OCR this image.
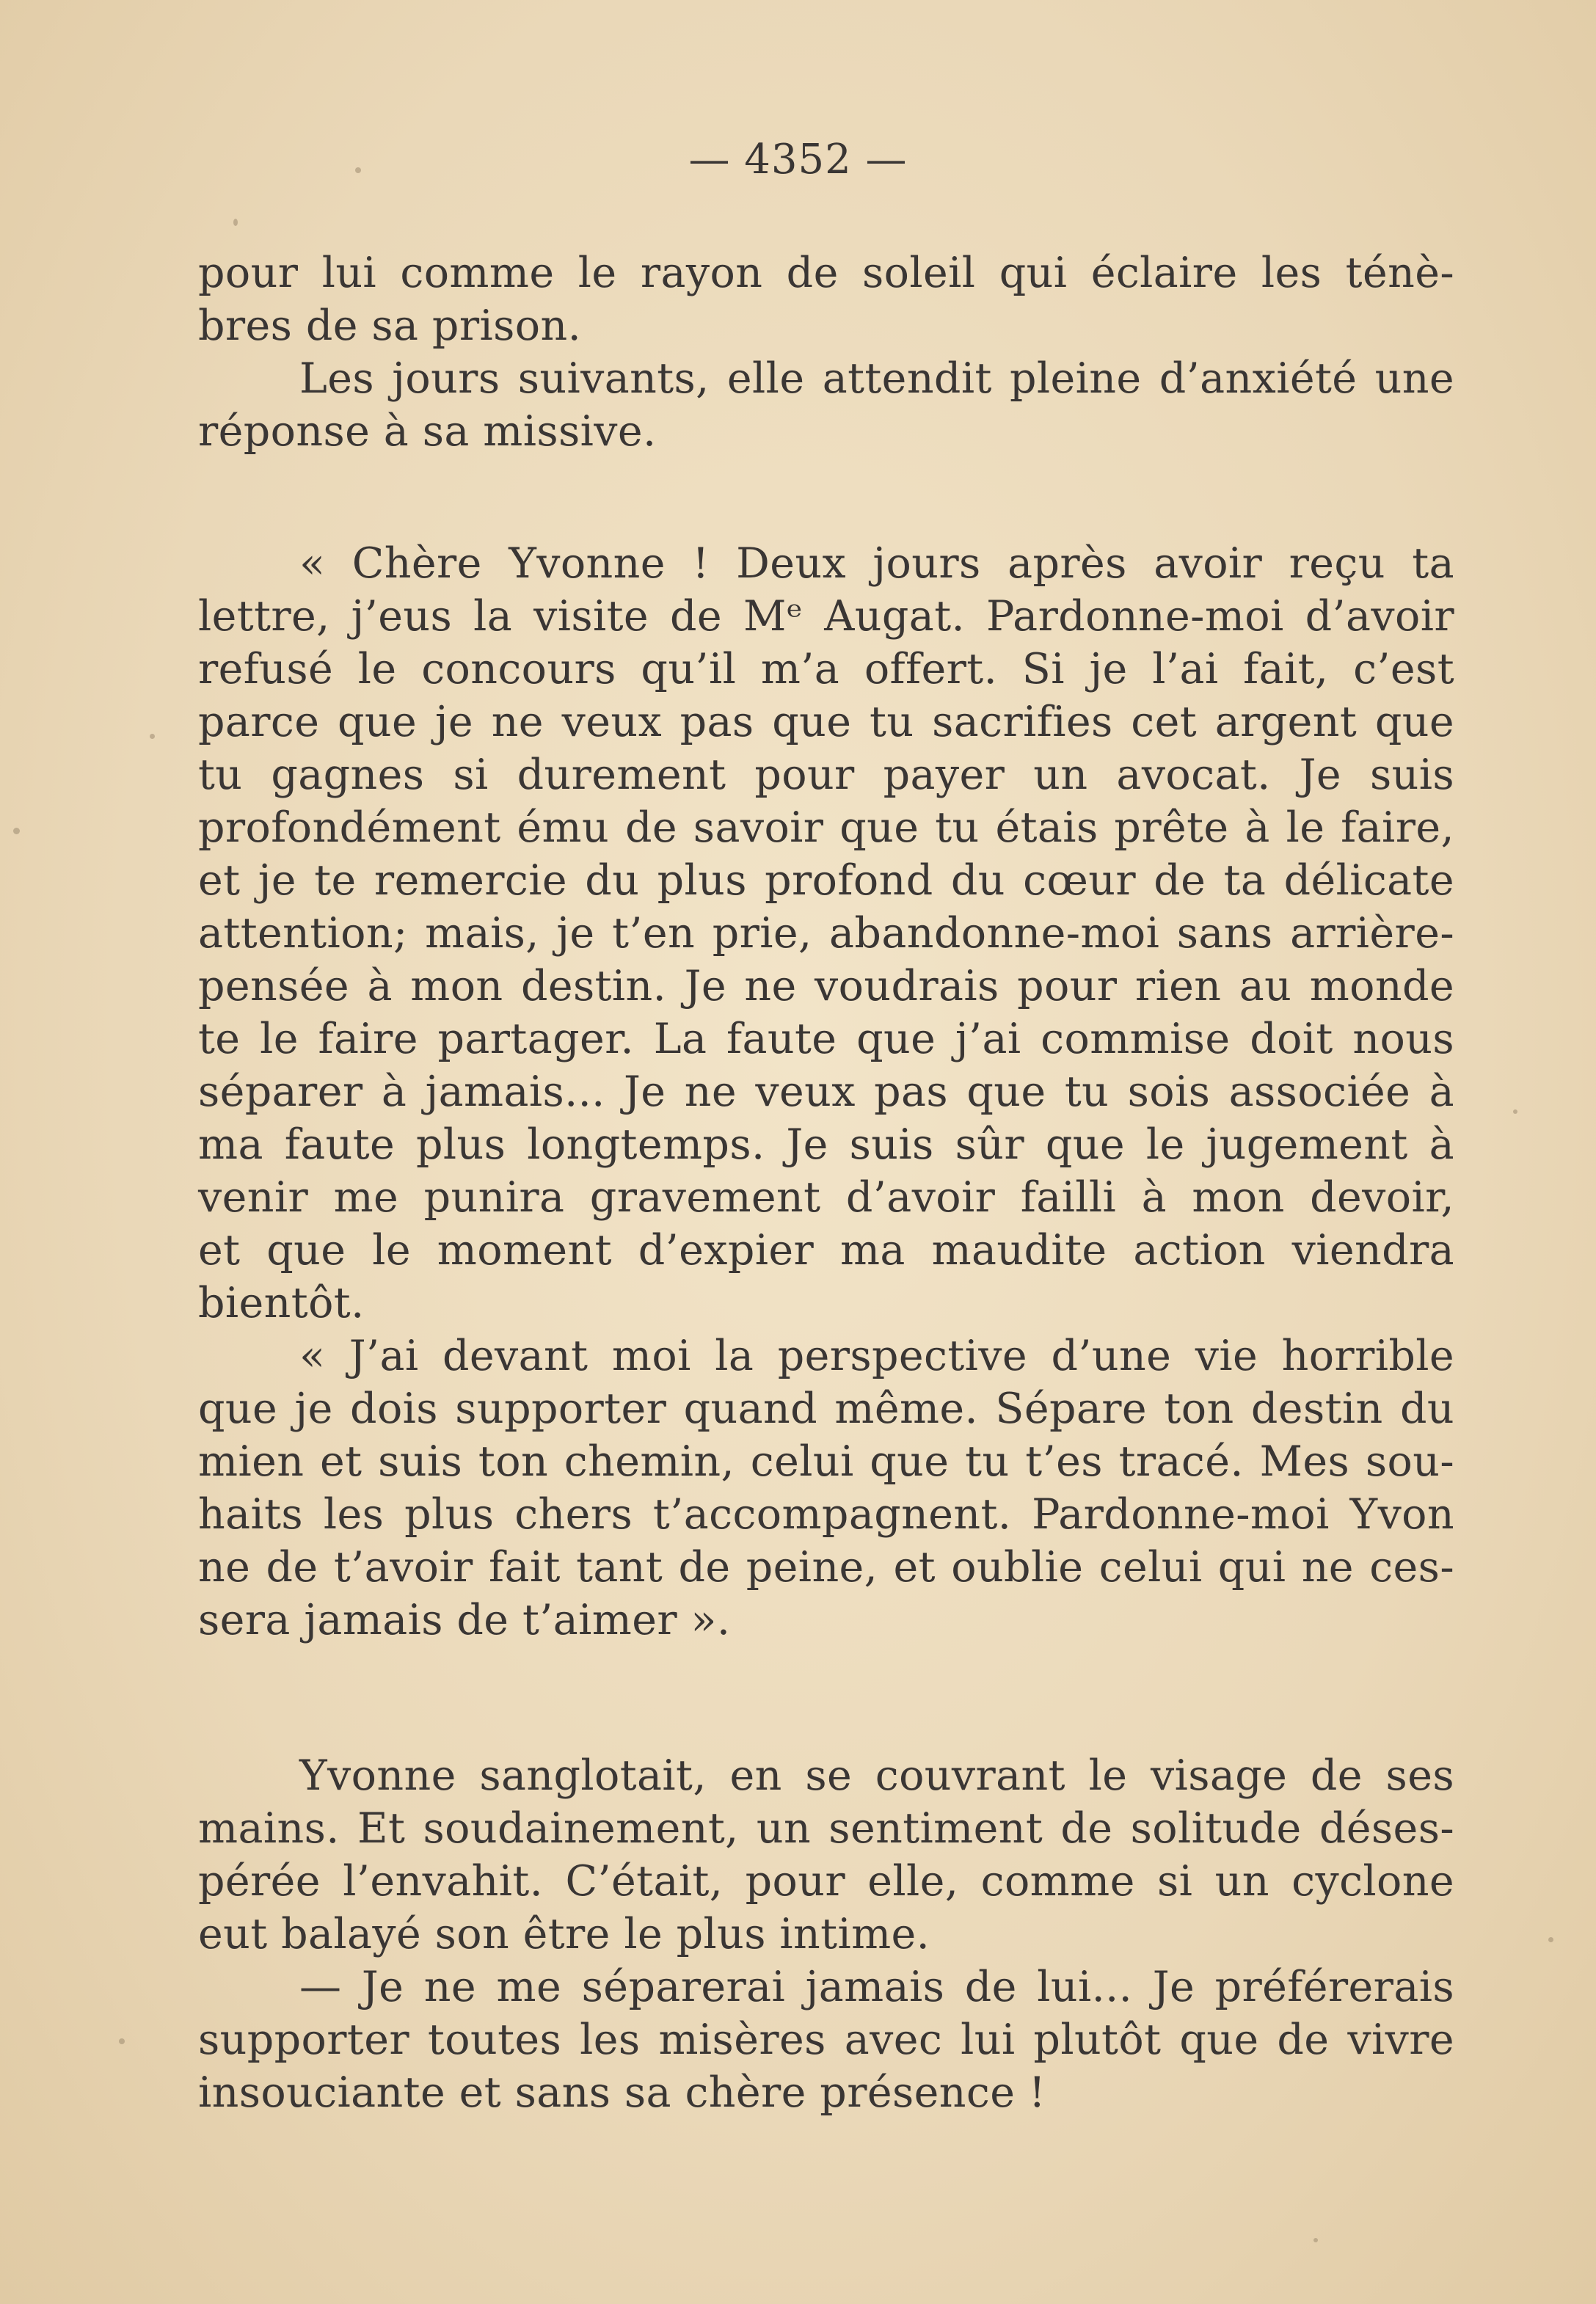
— 4352 —
pour lui comme le rayon de soleil qui éclaire les ténè-
bres de sa prison.
Les jours suivants, elle attendit pleine d’anxiété une
réponse à sa missive.
« Chère Yvonne ! Deux jours après avoir reçu ta
lettre, j’eus la visite de Mᵉ Augat. Pardonne-moi d’avoir
refusé le concours qu’il m’a offert. Si je l’ai fait, c’est
parce que je ne veux pas que tu sacrifies cet argent que
tu gagnes si durement pour payer un avocat. Je suis
profondément ému de savoir que tu étais prête à le faire,
et je te remercie du plus profond du cœur de ta délicate
attention; mais, je t’en prie, abandonne-moi sans arrière-
pensée à mon destin. Je ne voudrais pour rien au monde
te le faire partager. La faute que j’ai commise doit nous
séparer à jamais... Je ne veux pas que tu sois associée à
ma faute plus longtemps. Je suis sûr que le jugement à
venir me punira gravement d’avoir failli à mon devoir,
et que le moment d’expier ma maudite action viendra
bientôt.
« J’ai devant moi la perspective d’une vie horrible
que je dois supporter quand même. Sépare ton destin du
mien et suis ton chemin, celui que tu t’es tracé. Mes sou-
haits les plus chers t’accompagnent. Pardonne-moi Yvon
ne de t’avoir fait tant de peine, et oublie celui qui ne ces-
sera jamais de t’aimer ».
Yvonne sanglotait, en se couvrant le visage de ses
mains. Et soudainement, un sentiment de solitude déses-
pérée l’envahit. C’était, pour elle, comme si un cyclone
eut balayé son être le plus intime.
— Je ne me séparerai jamais de lui... Je préférerais
supporter toutes les misères avec lui plutôt que de vivre
insouciante et sans sa chère présence !
